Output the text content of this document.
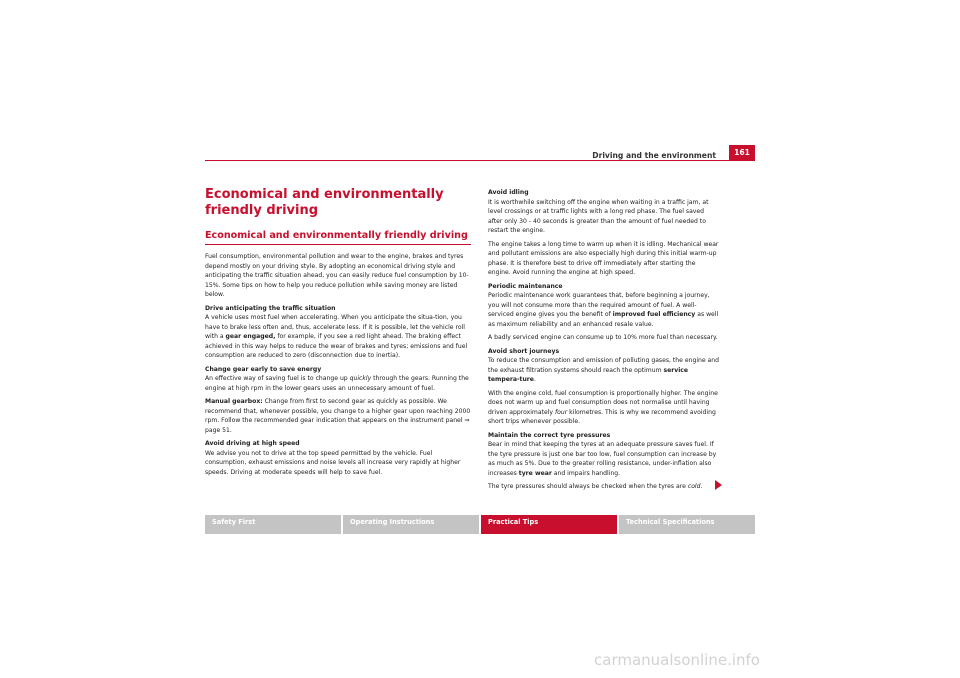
Driving and the environment	161
Economical and environmentally friendly driving
Economical and environmentally friendly driving

Fuel consumption, environmental pollution and wear to the engine, brakes and tyres depend mostly on your driving style. By adopting an economical driving style and anticipating the traffic situation ahead, you can easily reduce fuel consumption by 10-15%. Some tips on how to help you reduce pollution while saving money are listed below.

Drive anticipating the traffic situation

A vehicle uses most fuel when accelerating. When you anticipate the situa-tion, you have to brake less often and, thus, accelerate less. If it is possible, let the vehicle roll with a gear engaged, for example, if you see a red light ahead. The braking effect achieved in this way helps to reduce the wear of brakes and tyres; emissions and fuel consumption are reduced to zero (disconnection due to inertia).

Change gear early to save energy

An effective way of saving fuel is to change up quickly through the gears. Running the engine at high rpm in the lower gears uses an unnecessary amount of fuel.

Manual gearbox: Change from first to second gear as quickly as possible. We recommend that, whenever possible, you change to a higher gear upon reaching 2000 rpm. Follow the recommended gear indication that appears on the instrument panel ⇒ page 51.

Avoid driving at high speed

We advise you not to drive at the top speed permitted by the vehicle. Fuel consumption, exhaust emissions and noise levels all increase very rapidly at higher speeds. Driving at moderate speeds will help to save fuel.

Avoid idling

It is worthwhile switching off the engine when waiting in a traffic jam, at level crossings or at traffic lights with a long red phase. The fuel saved after only 30 - 40 seconds is greater than the amount of fuel needed to restart the engine.

The engine takes a long time to warm up when it is idling. Mechanical wear and pollutant emissions are also especially high during this initial warm-up phase. It is therefore best to drive off immediately after starting the engine. Avoid running the engine at high speed.

Periodic maintenance

Periodic maintenance work guarantees that, before beginning a journey, you will not consume more than the required amount of fuel. A well-serviced engine gives you the benefit of improved fuel efficiency as well as maximum reliability and an enhanced resale value.

A badly serviced engine can consume up to 10% more fuel than necessary.

Avoid short journeys

To reduce the consumption and emission of polluting gases, the engine and the exhaust filtration systems should reach the optimum service tempera-ture.

With the engine cold, fuel consumption is proportionally higher. The engine does not warm up and fuel consumption does not normalise until having driven approximately four kilometres. This is why we recommend avoiding short trips whenever possible.

Maintain the correct tyre pressures

Bear in mind that keeping the tyres at an adequate pressure saves fuel. If the tyre pressure is just one bar too low, fuel consumption can increase by as much as 5%. Due to the greater rolling resistance, under-inflation also increases tyre wear and impairs handling.

The tyre pressures should always be checked when the tyres are cold.

Safety First	Operating Instructions	Practical Tips	Technical Specifications
carmanualsonline.info
